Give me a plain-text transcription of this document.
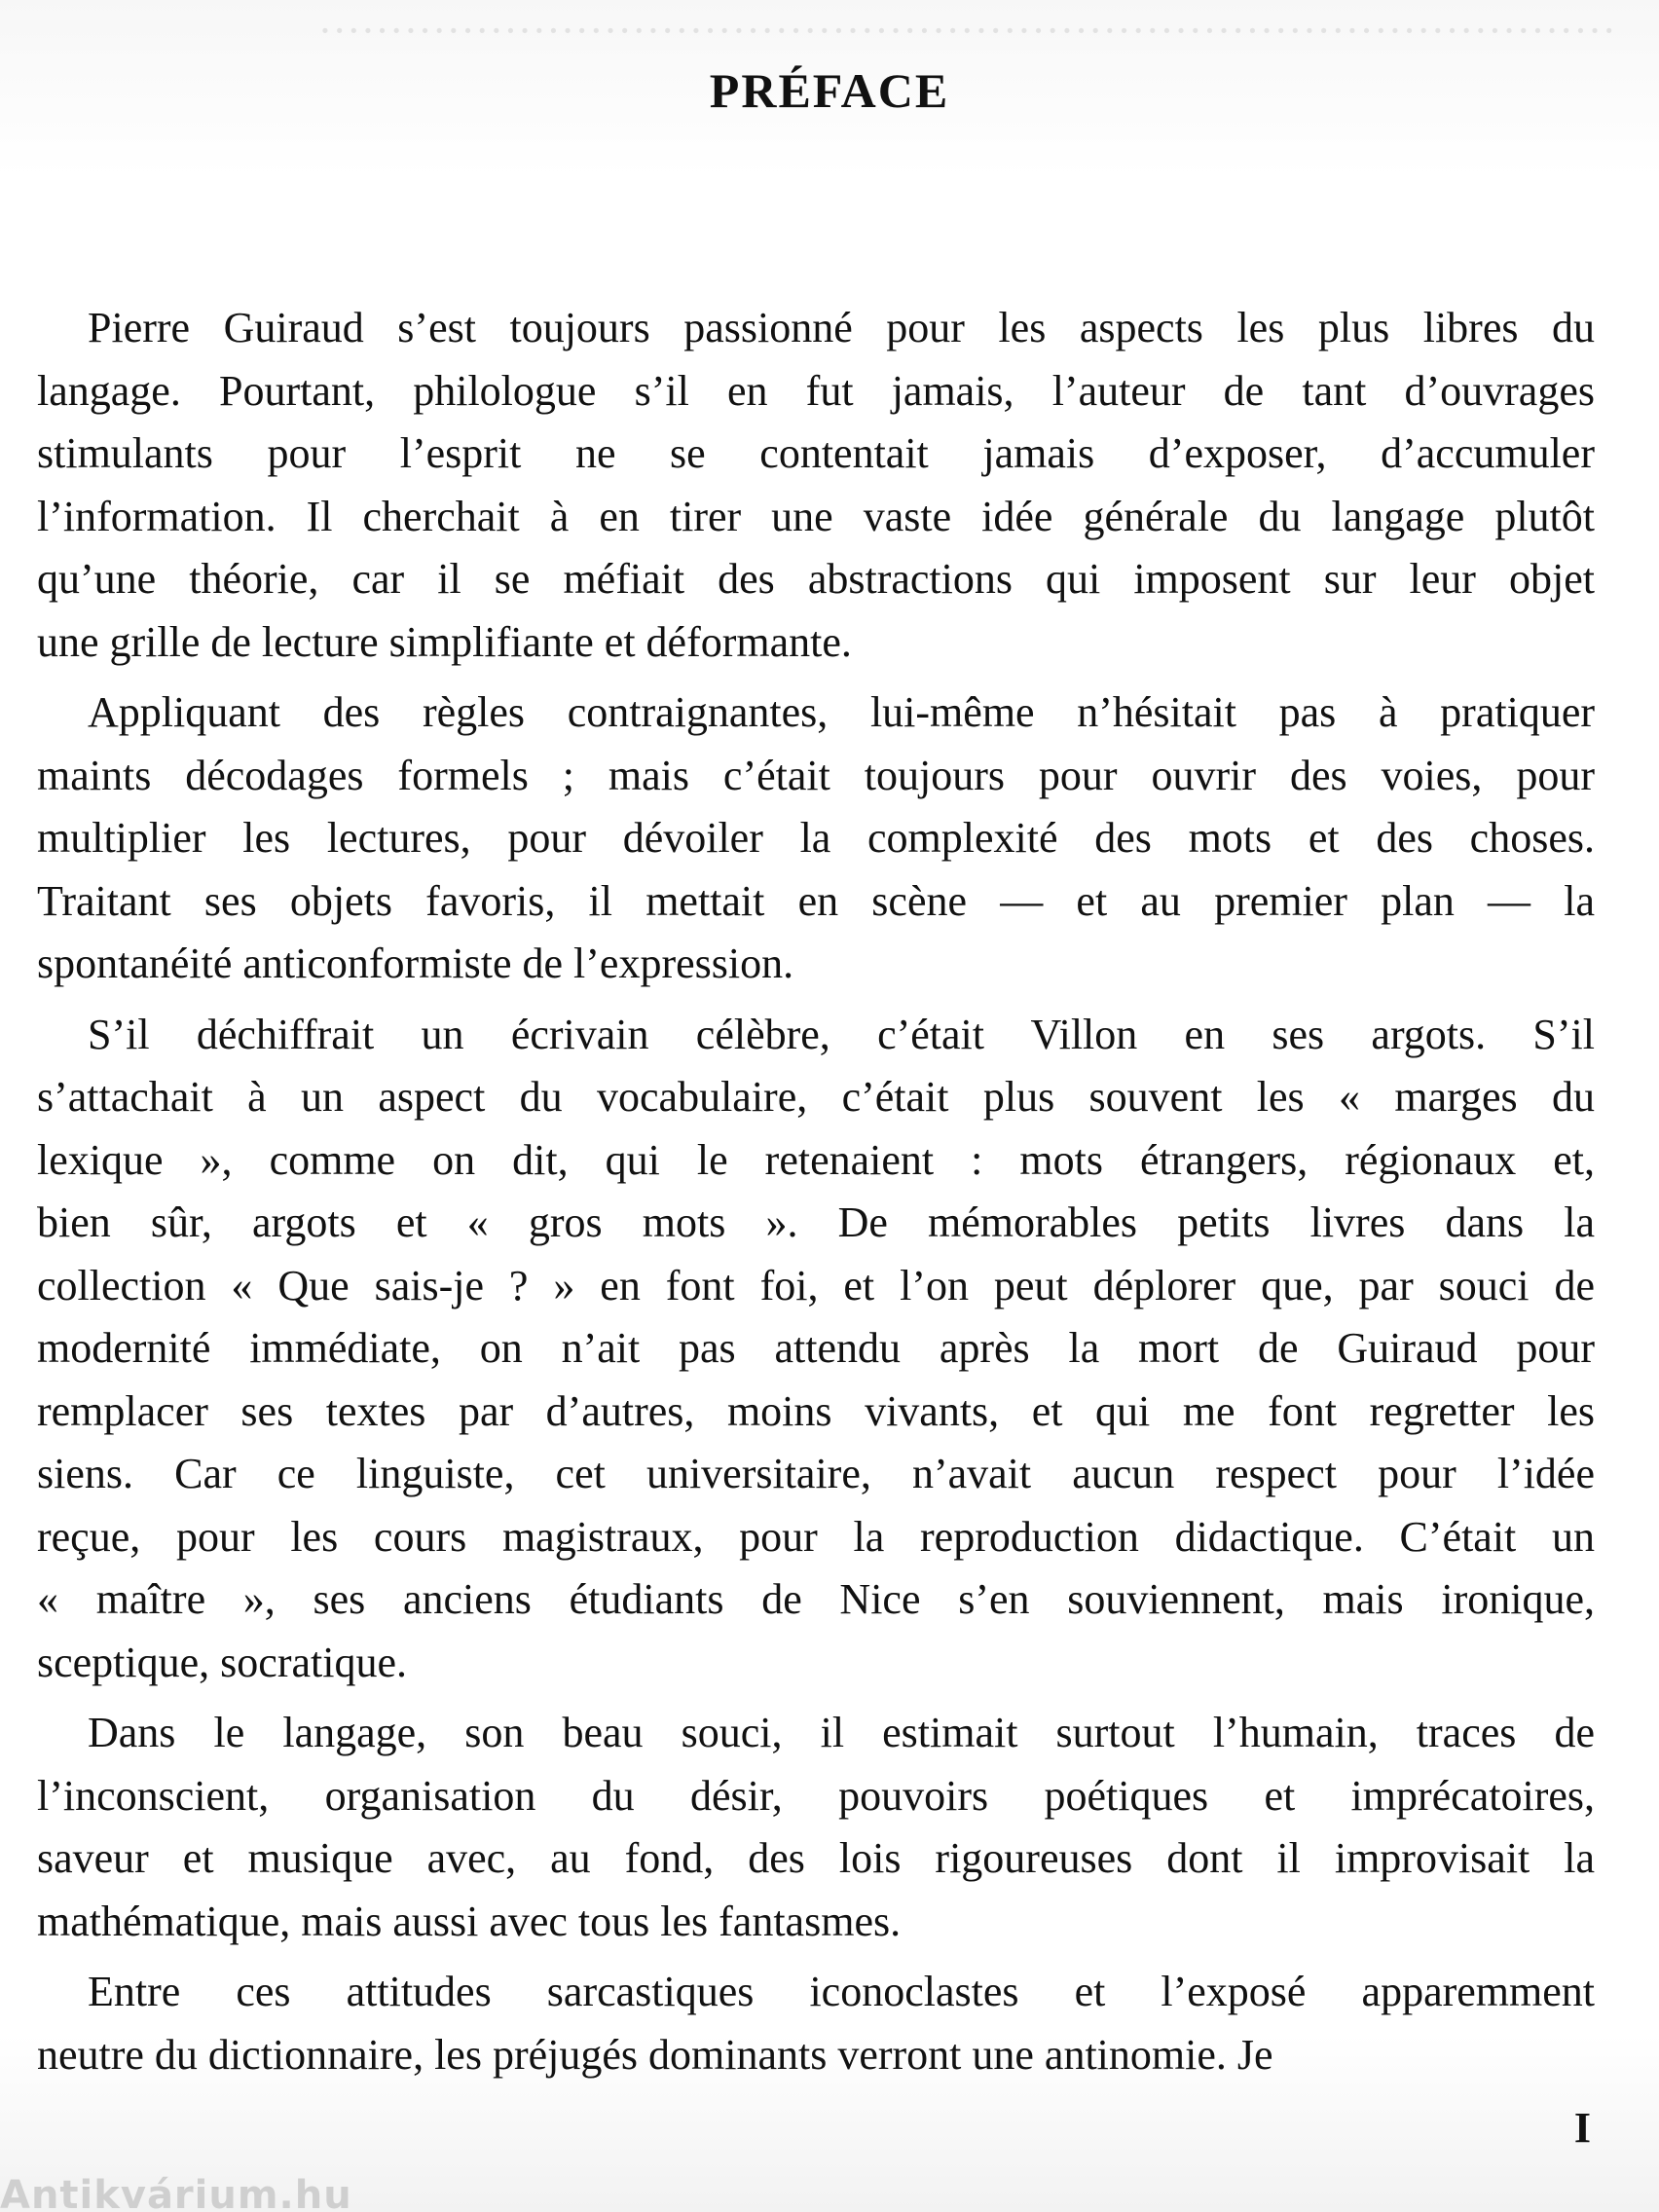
···························································································
PRÉFACE

Pierre Guiraud s’est toujours passionné pour les aspects les plus libres du
langage. Pourtant, philologue s’il en fut jamais, l’auteur de tant d’ouvrages
stimulants pour l’esprit ne se contentait jamais d’exposer, d’accumuler
l’information. Il cherchait à en tirer une vaste idée générale du langage plutôt
qu’une théorie, car il se méfiait des abstractions qui imposent sur leur objet
une grille de lecture simplifiante et déformante.

Appliquant des règles contraignantes, lui-même n’hésitait pas à pratiquer
maints décodages formels ; mais c’était toujours pour ouvrir des voies, pour
multiplier les lectures, pour dévoiler la complexité des mots et des choses.
Traitant ses objets favoris, il mettait en scène — et au premier plan — la
spontanéité anticonformiste de l’expression.

S’il déchiffrait un écrivain célèbre, c’était Villon en ses argots. S’il
s’attachait à un aspect du vocabulaire, c’était plus souvent les « marges du
lexique », comme on dit, qui le retenaient : mots étrangers, régionaux et,
bien sûr, argots et « gros mots ». De mémorables petits livres dans la
collection « Que sais-je ? » en font foi, et l’on peut déplorer que, par souci de
modernité immédiate, on n’ait pas attendu après la mort de Guiraud pour
remplacer ses textes par d’autres, moins vivants, et qui me font regretter les
siens. Car ce linguiste, cet universitaire, n’avait aucun respect pour l’idée
reçue, pour les cours magistraux, pour la reproduction didactique. C’était un
« maître », ses anciens étudiants de Nice s’en souviennent, mais ironique,
sceptique, socratique.

Dans le langage, son beau souci, il estimait surtout l’humain, traces de
l’inconscient, organisation du désir, pouvoirs poétiques et imprécatoires,
saveur et musique avec, au fond, des lois rigoureuses dont il improvisait la
mathématique, mais aussi avec tous les fantasmes.

Entre ces attitudes sarcastiques iconoclastes et l’exposé apparemment
neutre du dictionnaire, les préjugés dominants verront une antinomie. Je

I
Antikvárium.hu
